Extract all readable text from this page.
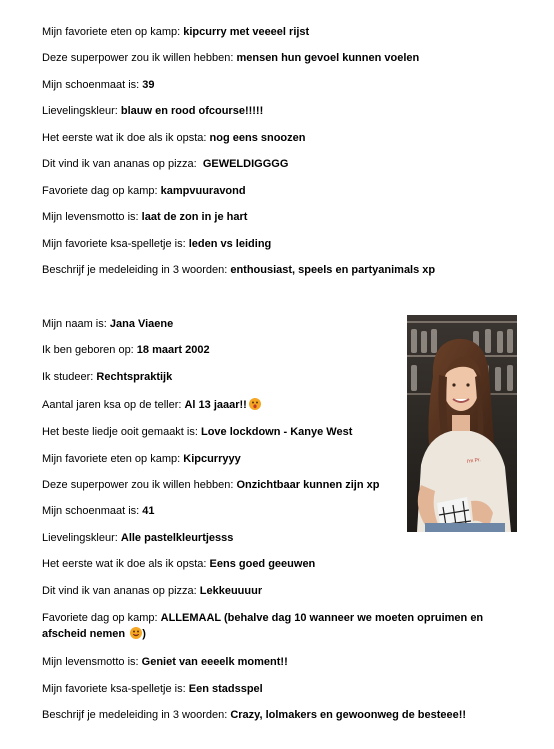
Mijn favoriete eten op kamp: kipcurry met veeeel rijst
Deze superpower zou ik willen hebben: mensen hun gevoel kunnen voelen
Mijn schoenmaat is: 39
Lievelingskleur: blauw en rood ofcourse!!!!!
Het eerste wat ik doe als ik opsta: nog eens snoozen
Dit vind ik van ananas op pizza:  GEWELDIGGGG
Favoriete dag op kamp: kampvuuravond
Mijn levensmotto is: laat de zon in je hart
Mijn favoriete ksa-spelletje is: leden vs leiding
Beschrijf je medeleiding in 3 woorden: enthousiast, speels en partyanimals xp
Mijn naam is: Jana Viaene
Ik ben geboren op: 18 maart 2002
Ik studeer: Rechtspraktijk
Aantal jaren ksa op de teller: Al 13 jaaar!!
Het beste liedje ooit gemaakt is: Love lockdown - Kanye West
Mijn favoriete eten op kamp: Kipcurryyy
Deze superpower zou ik willen hebben: Onzichtbaar kunnen zijn xp
Mijn schoenmaat is: 41
Lievelingskleur: Alle pastelkleurtjesss
Het eerste wat ik doe als ik opsta: Eens goed geeuwen
Dit vind ik van ananas op pizza: Lekkeuuuur
Favoriete dag op kamp: ALLEMAAL (behalve dag 10 wanneer we moeten opruimen en afscheid nemen )
Mijn levensmotto is: Geniet van eeeelk moment!!
Mijn favoriete ksa-spelletje is: Een stadsspel
Beschrijf je medeleiding in 3 woorden: Crazy, lolmakers en gewoonweg de besteee!!
I'm Pr.
